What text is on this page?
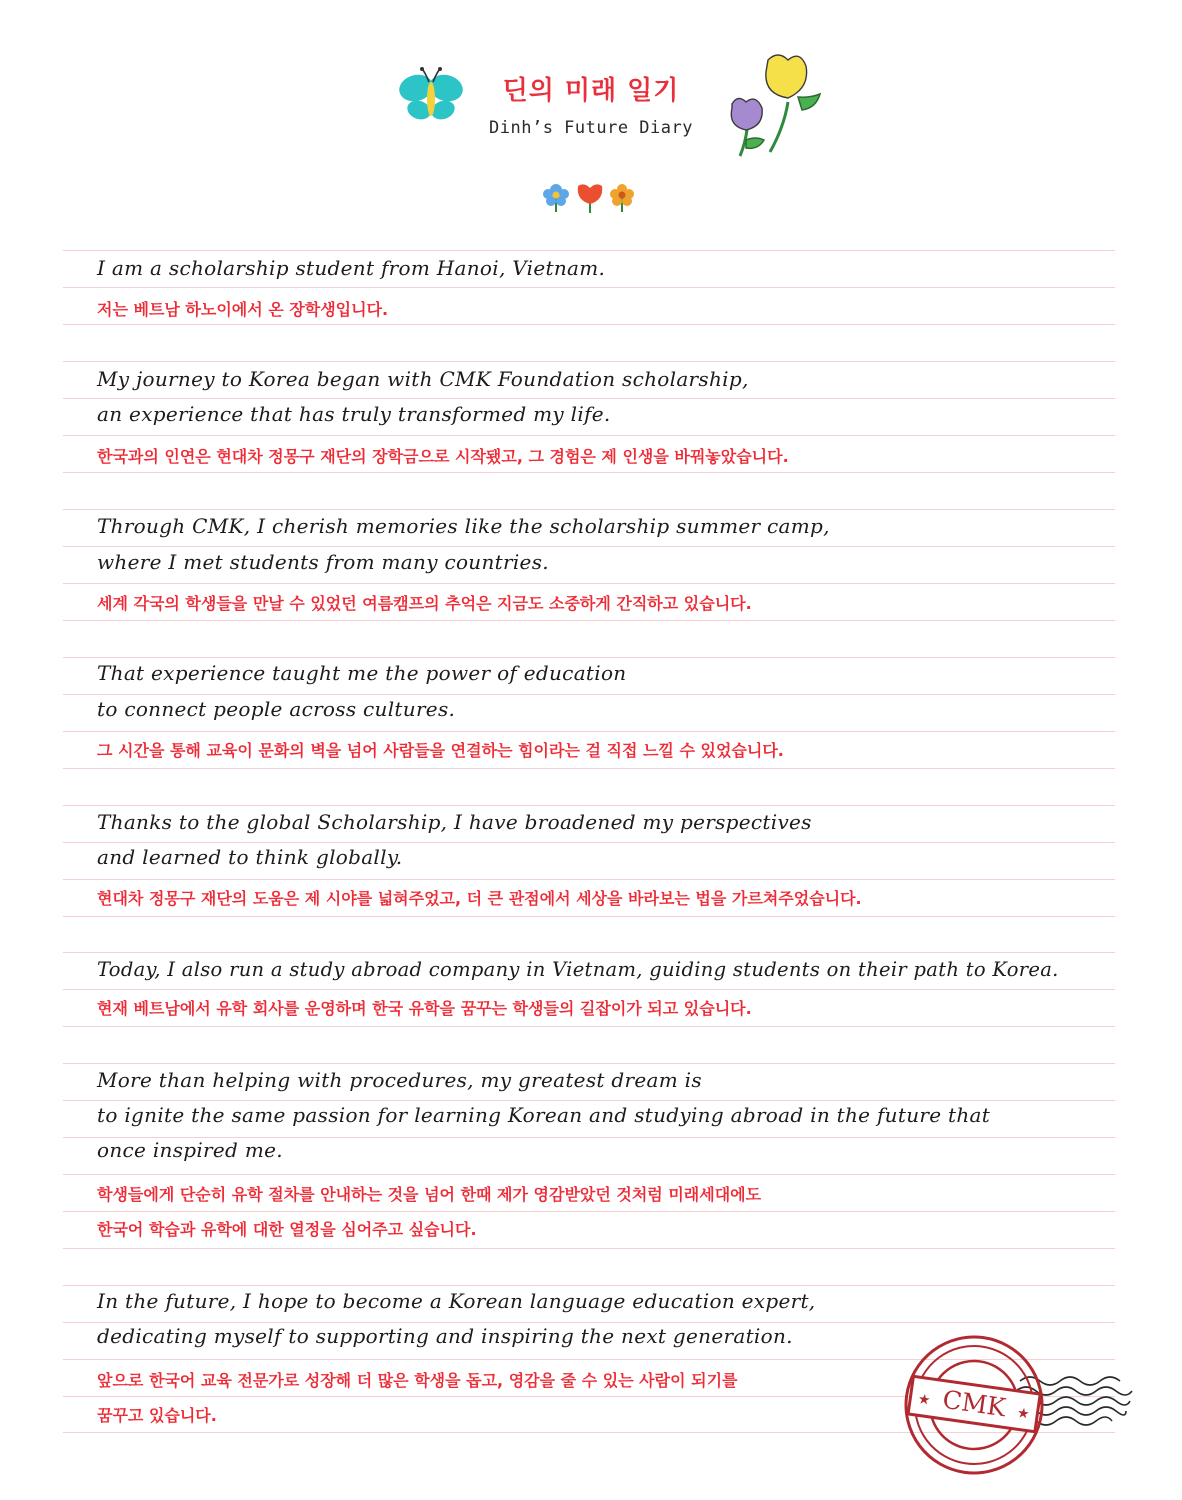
딘의 미래 일기
Dinh’s Future Diary
I am a scholarship student from Hanoi, Vietnam.
저는 베트남 하노이에서 온 장학생입니다.
My journey to Korea began with CMK Foundation scholarship,
an experience that has truly transformed my life.
한국과의 인연은 현대차 정몽구 재단의 장학금으로 시작됐고, 그 경험은 제 인생을 바꿔놓았습니다.
Through CMK, I cherish memories like the scholarship summer camp,
where I met students from many countries.
세계 각국의 학생들을 만날 수 있었던 여름캠프의 추억은 지금도 소중하게 간직하고 있습니다.
That experience taught me the power of education
to connect people across cultures.
그 시간을 통해 교육이 문화의 벽을 넘어 사람들을 연결하는 힘이라는 걸 직접 느낄 수 있었습니다.
Thanks to the global Scholarship, I have broadened my perspectives
and learned to think globally.
현대차 정몽구 재단의 도움은 제 시야를 넓혀주었고, 더 큰 관점에서 세상을 바라보는 법을 가르쳐주었습니다.
Today, I also run a study abroad company in Vietnam, guiding students on their path to Korea.
현재 베트남에서 유학 회사를 운영하며 한국 유학을 꿈꾸는 학생들의 길잡이가 되고 있습니다.
More than helping with procedures, my greatest dream is
to ignite the same passion for learning Korean and studying abroad in the future that
once inspired me.
학생들에게 단순히 유학 절차를 안내하는 것을 넘어 한때 제가 영감받았던 것처럼 미래세대에도
한국어 학습과 유학에 대한 열정을 심어주고 싶습니다.
In the future, I hope to become a Korean language education expert,
dedicating myself to supporting and inspiring the next generation.
앞으로 한국어 교육 전문가로 성장해 더 많은 학생을 돕고, 영감을 줄 수 있는 사람이 되기를
꿈꾸고 있습니다.	CMK
★
★
